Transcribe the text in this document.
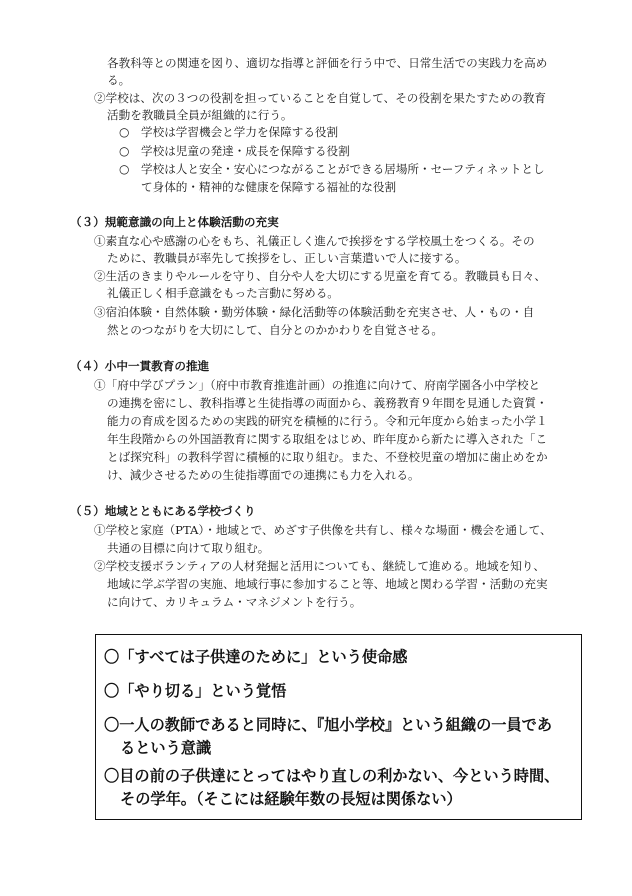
各教科等との関連を図り、適切な指導と評価を行う中で、日常生活での実践力を高め
る。
②学校は、次の３つの役割を担っていることを自覚して、その役割を果たすための教育
活動を教職員全員が組織的に行う。
○ 学校は学習機会と学力を保障する役割
○ 学校は児童の発達・成長を保障する役割
○ 学校は人と安全・安心につながることができる居場所・セーフティネットとし
て身体的・精神的な健康を保障する福祉的な役割
（３）規範意識の向上と体験活動の充実
①素直な心や感謝の心をもち、礼儀正しく進んで挨拶をする学校風土をつくる。その
ために、教職員が率先して挨拶をし、正しい言葉遣いで人に接する。
②生活のきまりやルールを守り、自分や人を大切にする児童を育てる。教職員も日々、
礼儀正しく相手意識をもった言動に努める。
③宿泊体験・自然体験・勤労体験・緑化活動等の体験活動を充実させ、人・もの・自
然とのつながりを大切にして、自分とのかかわりを自覚させる。
（４）小中一貫教育の推進
①「府中学びプラン」（府中市教育推進計画）の推進に向けて、府南学園各小中学校と
の連携を密にし、教科指導と生徒指導の両面から、義務教育９年間を見通した資質・
能力の育成を図るための実践的研究を積極的に行う。令和元年度から始まった小学１
年生段階からの外国語教育に関する取組をはじめ、昨年度から新たに導入された「こ
とば探究科」の教科学習に積極的に取り組む。また、不登校児童の増加に歯止めをか
け、減少させるための生徒指導面での連携にも力を入れる。
（５）地域とともにある学校づくり
①学校と家庭（PTA）・地域とで、めざす子供像を共有し、様々な場面・機会を通して、
共通の目標に向けて取り組む。
②学校支援ボランティアの人材発掘と活用についても、継続して進める。地域を知り、
地域に学ぶ学習の実施、地域行事に参加すること等、地域と関わる学習・活動の充実
に向けて、カリキュラム・マネジメントを行う。
〇「すべては子供達のために」という使命感
〇「やり切る」という覚悟
〇一人の教師であると同時に、『旭小学校』という組織の一員であ
るという意識
〇目の前の子供達にとってはやり直しの利かない、今という時間、
その学年。（そこには経験年数の長短は関係ない）
